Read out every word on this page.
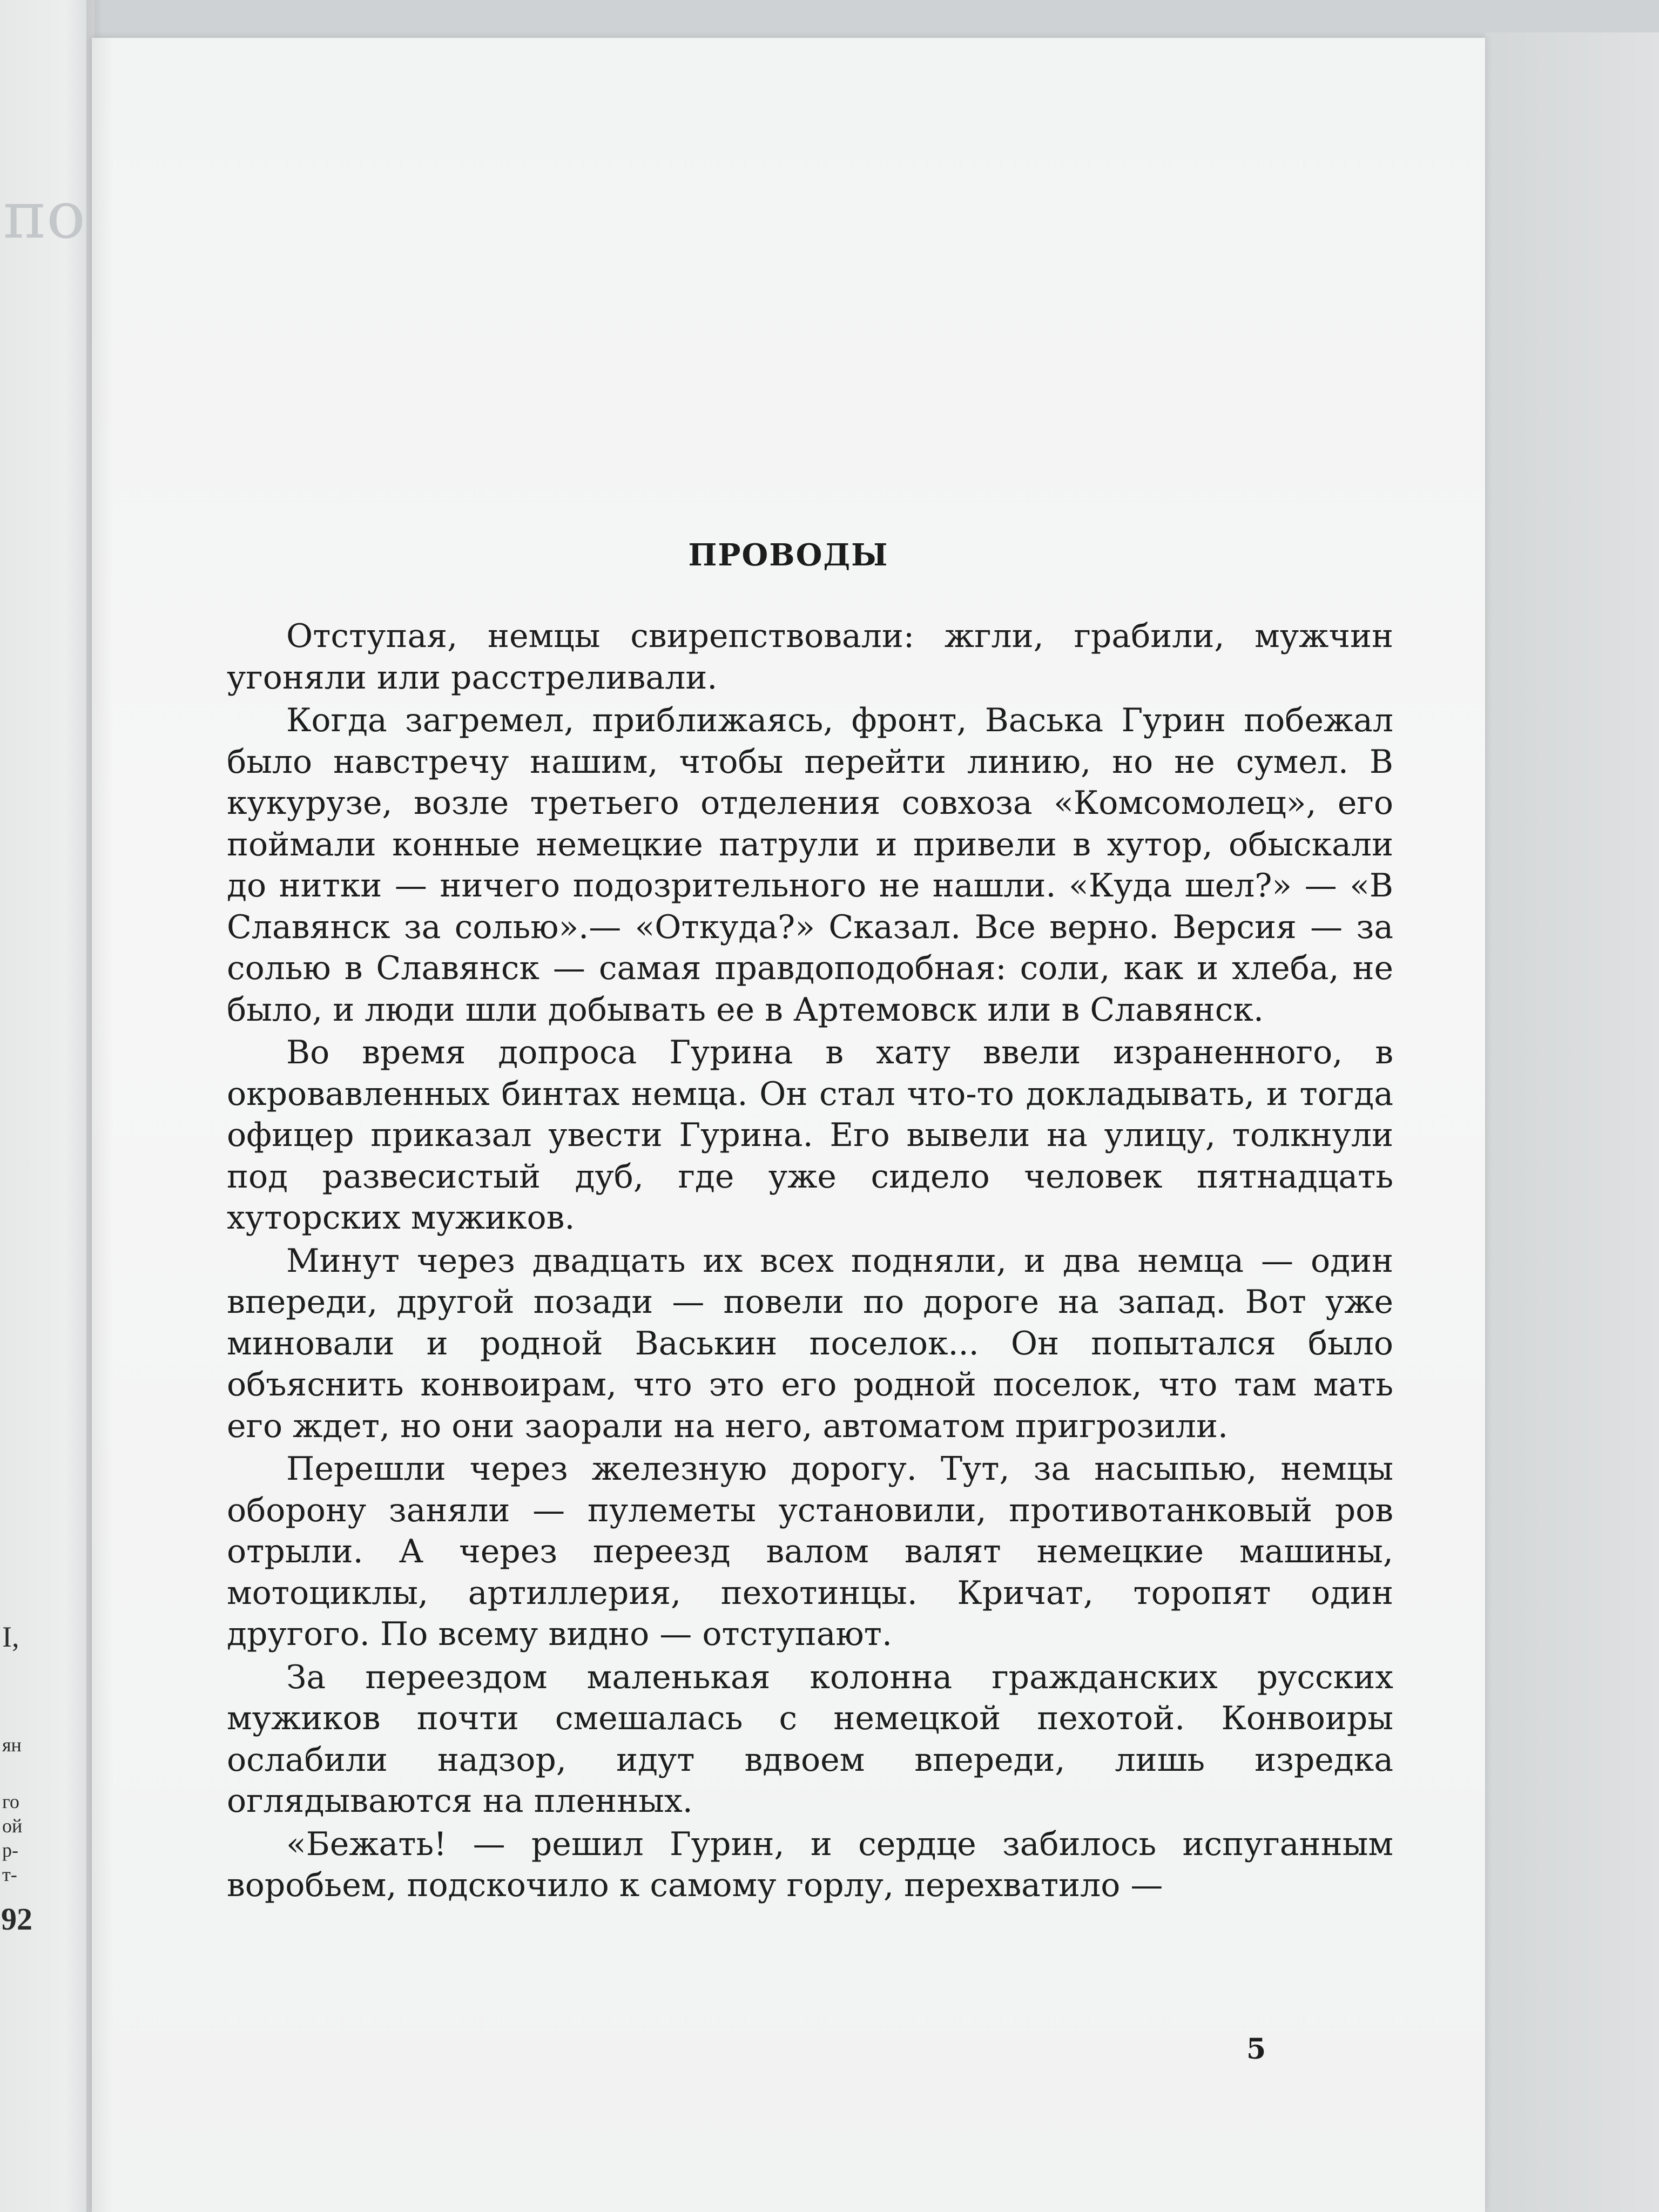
по
I,
ян
го
ой
р-
т-
92
ПРОВОДЫ

Отступая, немцы свирепствовали: жгли, грабили, мужчин угоняли или расстреливали.

Когда загремел, приближаясь, фронт, Васька Гурин побежал было навстречу нашим, чтобы перейти линию, но не сумел. В кукурузе, возле третьего отделения совхоза «Комсомолец», его поймали конные немецкие патрули и привели в хутор, обыскали до нитки — ничего подозрительного не нашли. «Куда шел?» — «В Славянск за солью».— «Откуда?» Сказал. Все верно. Версия — за солью в Славянск — самая правдоподобная: соли, как и хлеба, не было, и люди шли добывать ее в Артемовск или в Славянск.

Во время допроса Гурина в хату ввели израненного, в окровавленных бинтах немца. Он стал что-то докладывать, и тогда офицер приказал увести Гурина. Его вывели на улицу, толкнули под развесистый дуб, где уже сидело человек пятнадцать хуторских мужиков.

Минут через двадцать их всех подняли, и два немца — один впереди, другой позади — повели по дороге на запад. Вот уже миновали и родной Васькин поселок... Он попытался было объяснить конвоирам, что это его родной поселок, что там мать его ждет, но они заорали на него, автоматом пригрозили.

Перешли через железную дорогу. Тут, за насыпью, немцы оборону заняли — пулеметы установили, противотанковый ров отрыли. А через переезд валом валят немецкие машины, мотоциклы, артиллерия, пехотинцы. Кричат, торопят один другого. По всему видно — отступают.

За переездом маленькая колонна гражданских русских мужиков почти смешалась с немецкой пехотой. Конвоиры ослабили надзор, идут вдвоем впереди, лишь изредка оглядываются на пленных.

«Бежать! — решил Гурин, и сердце забилось испуганным воробьем, подскочило к самому горлу, перехватило —

5
